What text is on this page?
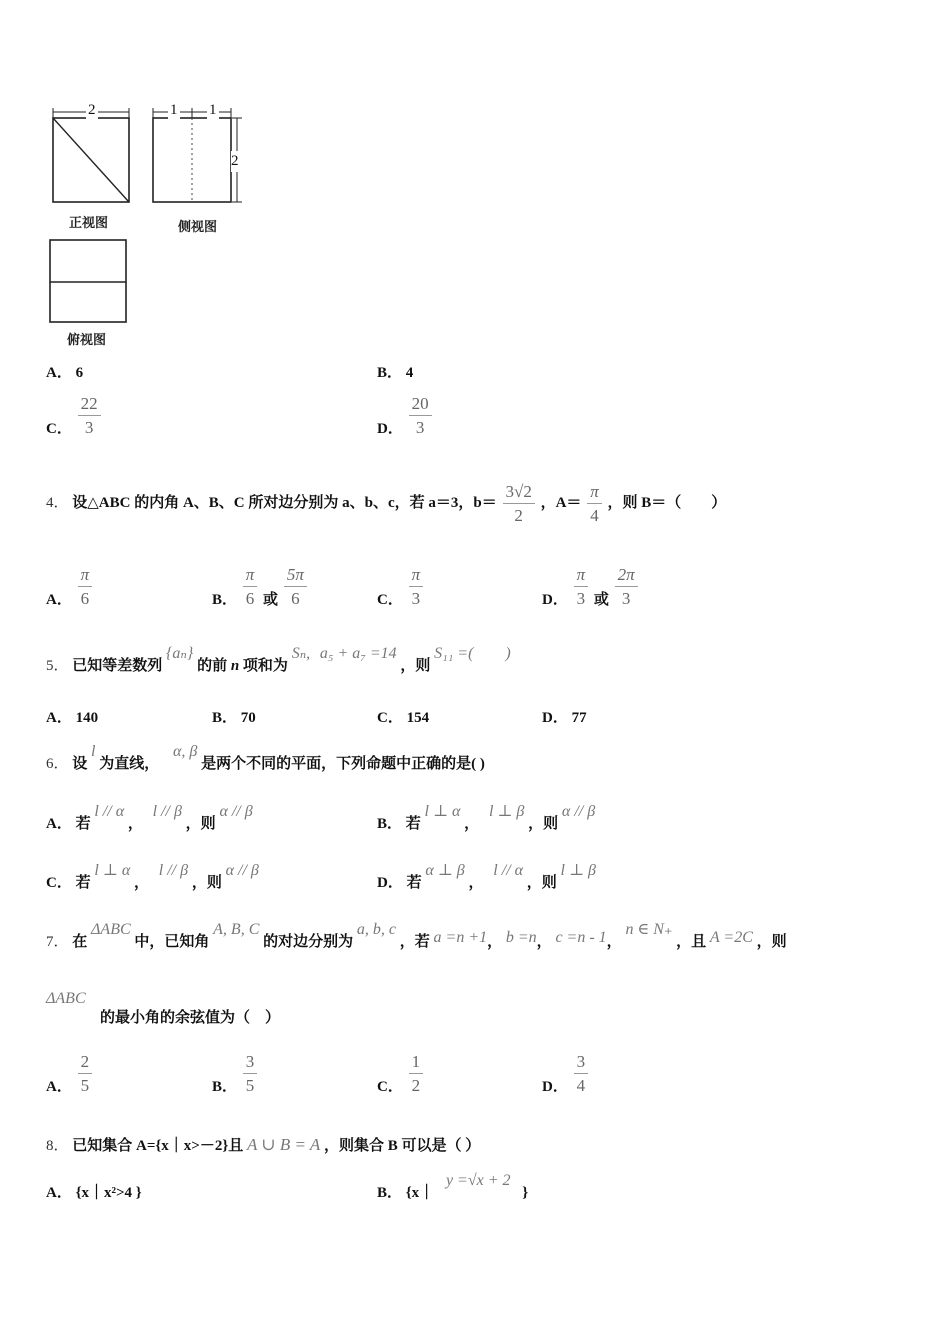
2	1 1
2
正视图	侧视图
俯视图
A． 6	B． 4
C． $\frac{22}{3}$	D． $\frac{20}{3}$
4． 设△ABC 的内角 A、B、C 所对边分别为 a、b、c，若 a＝3，$b= \frac{3√2}{2}$ ，$A= \frac{\pi}{4}$ ，则 B＝（　　）
A． $\frac{\pi}{6}$	B． $\frac{\pi}{6}$ 或 $\frac{5\pi}{6}$	C． $\frac{\pi}{3}$	D． $\frac{\pi}{3}$ 或 $\frac{2\pi}{3}$
5． 已知等差数列 {aₙ} 的前 n 项和为 Sₙ, a₅ + a₇ =14 ，则 S₁₁ =(　　)
A． 140	B． 70	C． 154	D． 77
6． 设 l 为直线， α, β 是两个不同的平面，下列命题中正确的是( )
A． 若 l // α ， l // β ，则 α // β
B． 若 l ⊥ α ， l ⊥ β ，则 α // β
C． 若 l ⊥ α ， l // β ，则 α // β
D． 若 α ⊥ β ， l // α ，则 l ⊥ β
7． 在 ΔABC 中，已知角 A, B, C 的对边分别为 a, b, c ，若 a =n +1， b =n， c =n - 1， n ∈ N₊ ，且 A =2C ，则
ΔABC
的最小角的余弦值为（　）
A． $\frac{2}{5}$	B． $\frac{3}{5}$	C． $\frac{1}{2}$	D． $\frac{3}{4}$
8． 已知集合 A={x｜x>－2}且 A ∪ B = A ，则集合 B 可以是（ ）
A． {x｜x²>4 }	B． {x｜ y =√x + 2 }
